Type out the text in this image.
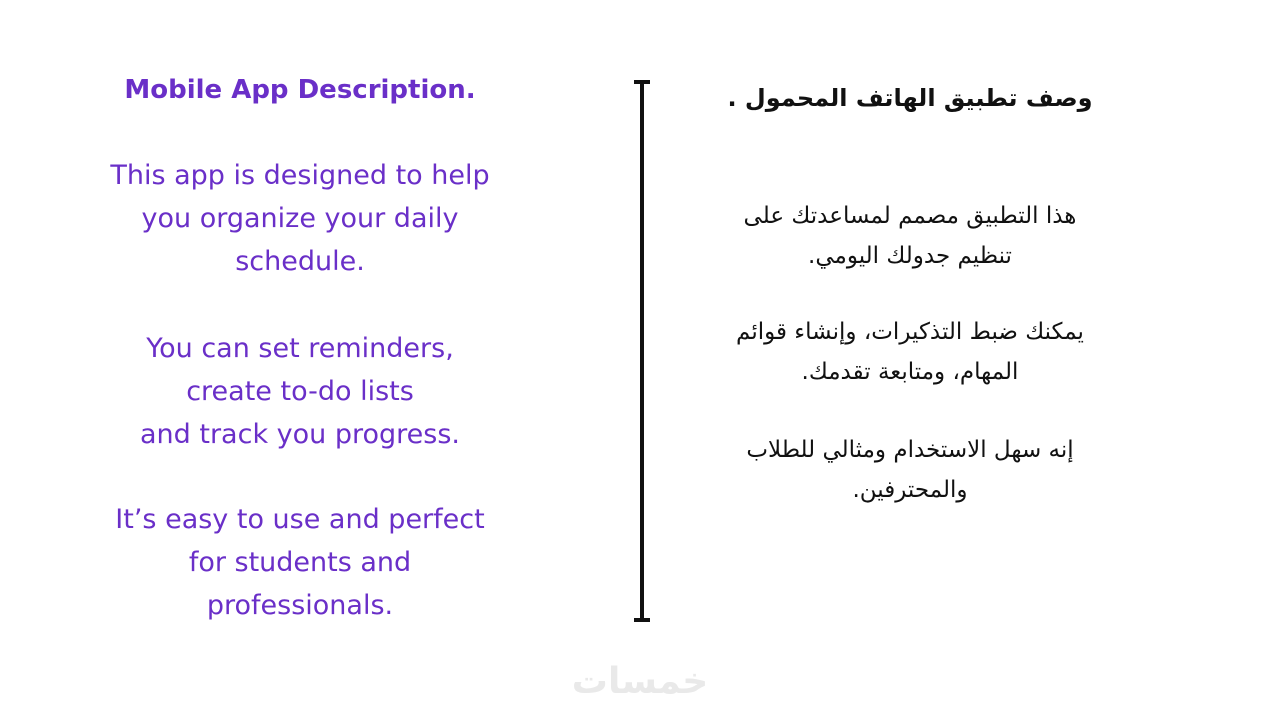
Mobile App Description.

This app is designed to help
you organize your daily
schedule.

You can set reminders,
create to-do lists
and track you progress.

It’s easy to use and perfect
for students and
professionals.

وصف تطبيق الهاتف المحمول .

هذا التطبيق مصمم لمساعدتك على
تنظيم جدولك اليومي.

يمكنك ضبط التذكيرات، وإنشاء قوائم
المهام، ومتابعة تقدمك.

إنه سهل الاستخدام ومثالي للطلاب
والمحترفين.

خمسات
